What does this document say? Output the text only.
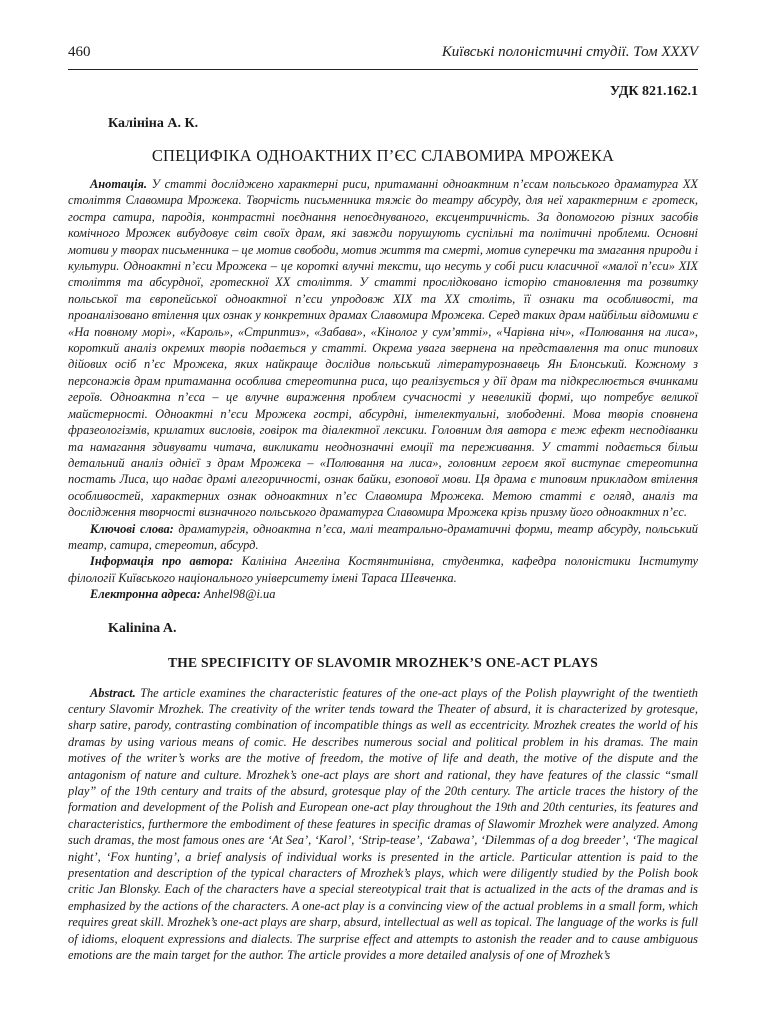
460	Київські полоністичні студії. Том XXXV
УДК 821.162.1
Калініна А. К.
СПЕЦИФІКА ОДНОАКТНИХ П’ЄС СЛАВОМИРА МРОЖЕКА

Анотація. У статті досліджено характерні риси, притаманні одноактним п’єсам польського драматурга XX століття Славомира Мрожека. Творчість письменника тяжіє до театру абсурду, для неї характерним є гротеск, гостра сатира, пародія, контрастні поєднання непоєднуваного, ексцентричність. За допомогою різних засобів комічного Мрожек вибудовує світ своїх драм, які завжди порушують суспільні та політичні проблеми. Основні мотиви у творах письменника – це мотив свободи, мотив життя та смерті, мотив суперечки та змагання природи і культури. Одноактні п’єси Мрожека – це короткі влучні тексти, що несуть у собі риси класичної «малої п’єси» XIX століття та абсурдної, гротескної XX століття. У статті прослідковано історію становлення та розвитку польської та європейської одноактної п’єси упродовж XIX та XX століть, її ознаки та особливості, та проаналізовано втілення цих ознак у конкретних драмах Славомира Мрожека. Серед таких драм найбільш відомими є «На повному морі», «Кароль», «Стриптиз», «Забава», «Кінолог у сум’ятті», «Чарівна ніч», «Полювання на лиса», короткий аналіз окремих творів подається у статті. Окрема увага звернена на представлення та опис типових дійових осіб п’єс Мрожека, яких найкраще дослідив польський літературознавець Ян Блонський. Кожному з персонажів драм притаманна особлива стереотипна риса, що реалізується у дії драм та підкреслюється вчинками героїв. Одноактна п’єса – це влучне вираження проблем сучасності у невеликій формі, що потребує великої майстерності. Одноактні п’єси Мрожека гострі, абсурдні, інтелектуальні, злободенні. Мова творів сповнена фразеологізмів, крилатих висловів, говірок та діалектної лексики. Головним для автора є теж ефект несподіванки та намагання здивувати читача, викликати неоднозначні емоції та переживання. У статті подається більш детальний аналіз однієї з драм Мрожека – «Полювання на лиса», головним героєм якої виступає стереотипна постать Лиса, що надає драмі алегоричності, ознак байки, езопової мови. Ця драма є типовим прикладом втілення особливостей, характерних ознак одноактних п’єс Славомира Мрожека. Метою статті є огляд, аналіз та дослідження творчості визначного польського драматурга Славомира Мрожека крізь призму його одноактних п’єс.

Ключові слова: драматургія, одноактна п’єса, малі театрально-драматичні форми, театр абсурду, польський театр, сатира, стереотип, абсурд.

Інформація про автора: Калініна Ангеліна Костянтинівна, студентка, кафедра полоністики Інституту філології Київського національного університету імені Тараса Шевченка.

Електронна адреса: Anhel98@i.ua

Kalinina A.
THE SPECIFICITY OF SLAVOMIR MROZHEK’S ONE-ACT PLAYS

Abstract. The article examines the characteristic features of the one-act plays of the Polish playwright of the twentieth century Slavomir Mrozhek. The creativity of the writer tends toward the Theater of absurd, it is characterized by grotesque, sharp satire, parody, contrasting combination of incompatible things as well as eccentricity. Mrozhek creates the world of his dramas by using various means of comic. He describes numerous social and political problem in his dramas. The main motives of the writer’s works are the motive of freedom, the motive of life and death, the motive of the dispute and the antagonism of nature and culture. Mrozhek’s one-act plays are short and rational, they have features of the classic “small play” of the 19th century and traits of the absurd, grotesque play of the 20th century. The article traces the history of the formation and development of the Polish and European one-act play throughout the 19th and 20th centuries, its features and characteristics, furthermore the embodiment of these features in specific dramas of Slawomir Mrozhek were analyzed. Among such dramas, the most famous ones are ‘At Sea’, ‘Karol’, ‘Strip-tease’, ‘Zabawa’, ‘Dilemmas of a dog breeder’, ‘The magical night’, ‘Fox hunting’, a brief analysis of individual works is presented in the article. Particular attention is paid to the presentation and description of the typical characters of Mrozhek’s plays, which were diligently studied by the Polish book critic Jan Blonsky. Each of the characters have a special stereotypical trait that is actualized in the acts of the dramas and is emphasized by the actions of the characters. A one-act play is a convincing view of the actual problems in a small form, which requires great skill. Mrozhek’s one-act plays are sharp, absurd, intellectual as well as topical. The language of the works is full of idioms, eloquent expressions and dialects. The surprise effect and attempts to astonish the reader and to cause ambiguous emotions are the main target for the author. The article provides a more detailed analysis of one of Mrozhek’s
